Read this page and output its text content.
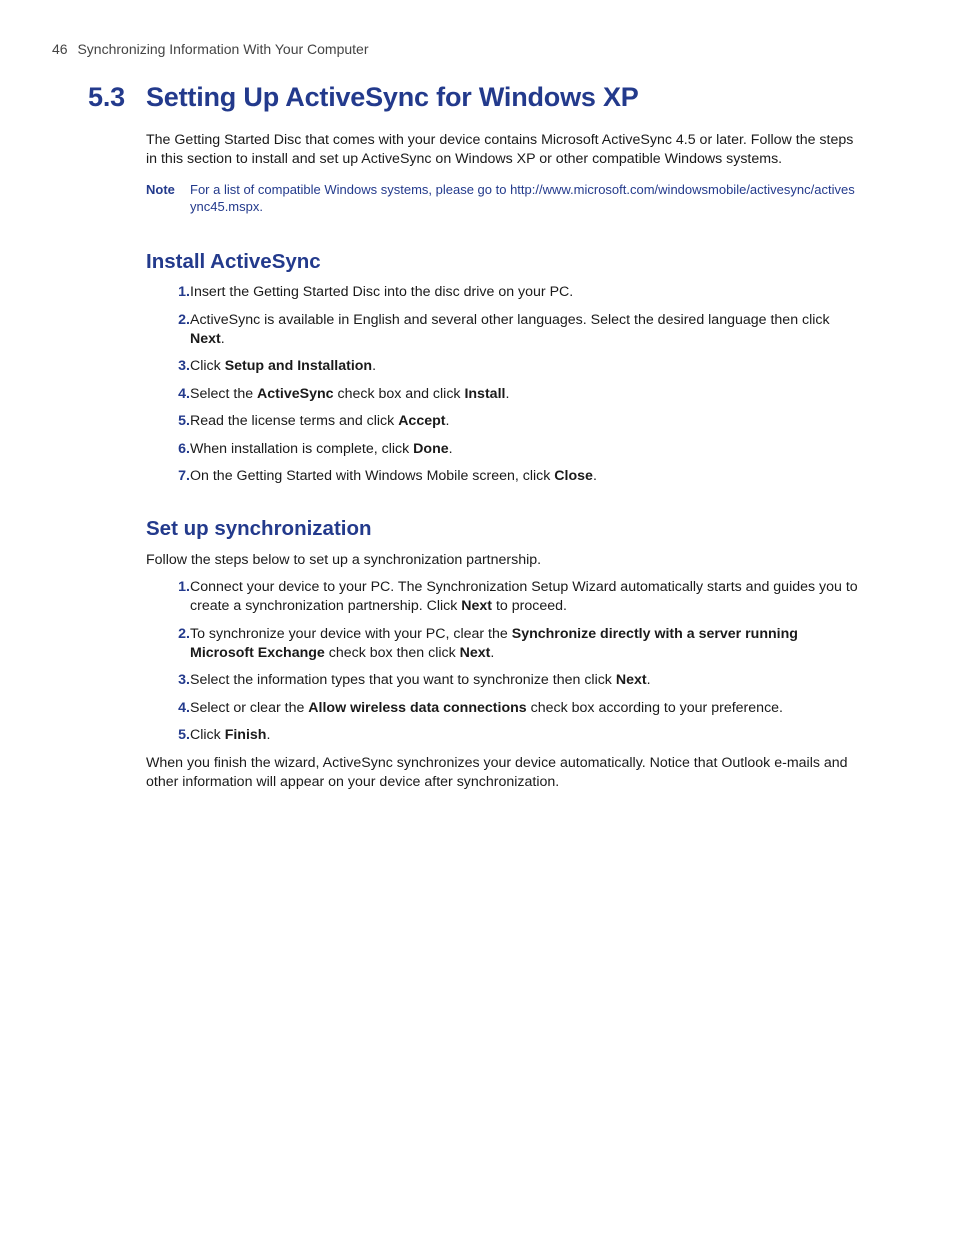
46 Synchronizing Information With Your Computer
5.3 Setting Up ActiveSync for Windows XP

The Getting Started Disc that comes with your device contains Microsoft ActiveSync 4.5 or later. Follow the steps in this section to install and set up ActiveSync on Windows XP or other compatible Windows systems.

Note	For a list of compatible Windows systems, please go to http://www.microsoft.com/windowsmobile/activesync/activesync45.mspx.
Install ActiveSync
1. Insert the Getting Started Disc into the disc drive on your PC.
2. ActiveSync is available in English and several other languages. Select the desired language then click Next.
3. Click Setup and Installation.
4. Select the ActiveSync check box and click Install.
5. Read the license terms and click Accept.
6. When installation is complete, click Done.
7. On the Getting Started with Windows Mobile screen, click Close.
Set up synchronization

Follow the steps below to set up a synchronization partnership.

1. Connect your device to your PC. The Synchronization Setup Wizard automatically starts and guides you to create a synchronization partnership. Click Next to proceed.
2. To synchronize your device with your PC, clear the Synchronize directly with a server running Microsoft Exchange check box then click Next.
3. Select the information types that you want to synchronize then click Next.
4. Select or clear the Allow wireless data connections check box according to your preference.
5. Click Finish.

When you finish the wizard, ActiveSync synchronizes your device automatically. Notice that Outlook e-mails and other information will appear on your device after synchronization.
